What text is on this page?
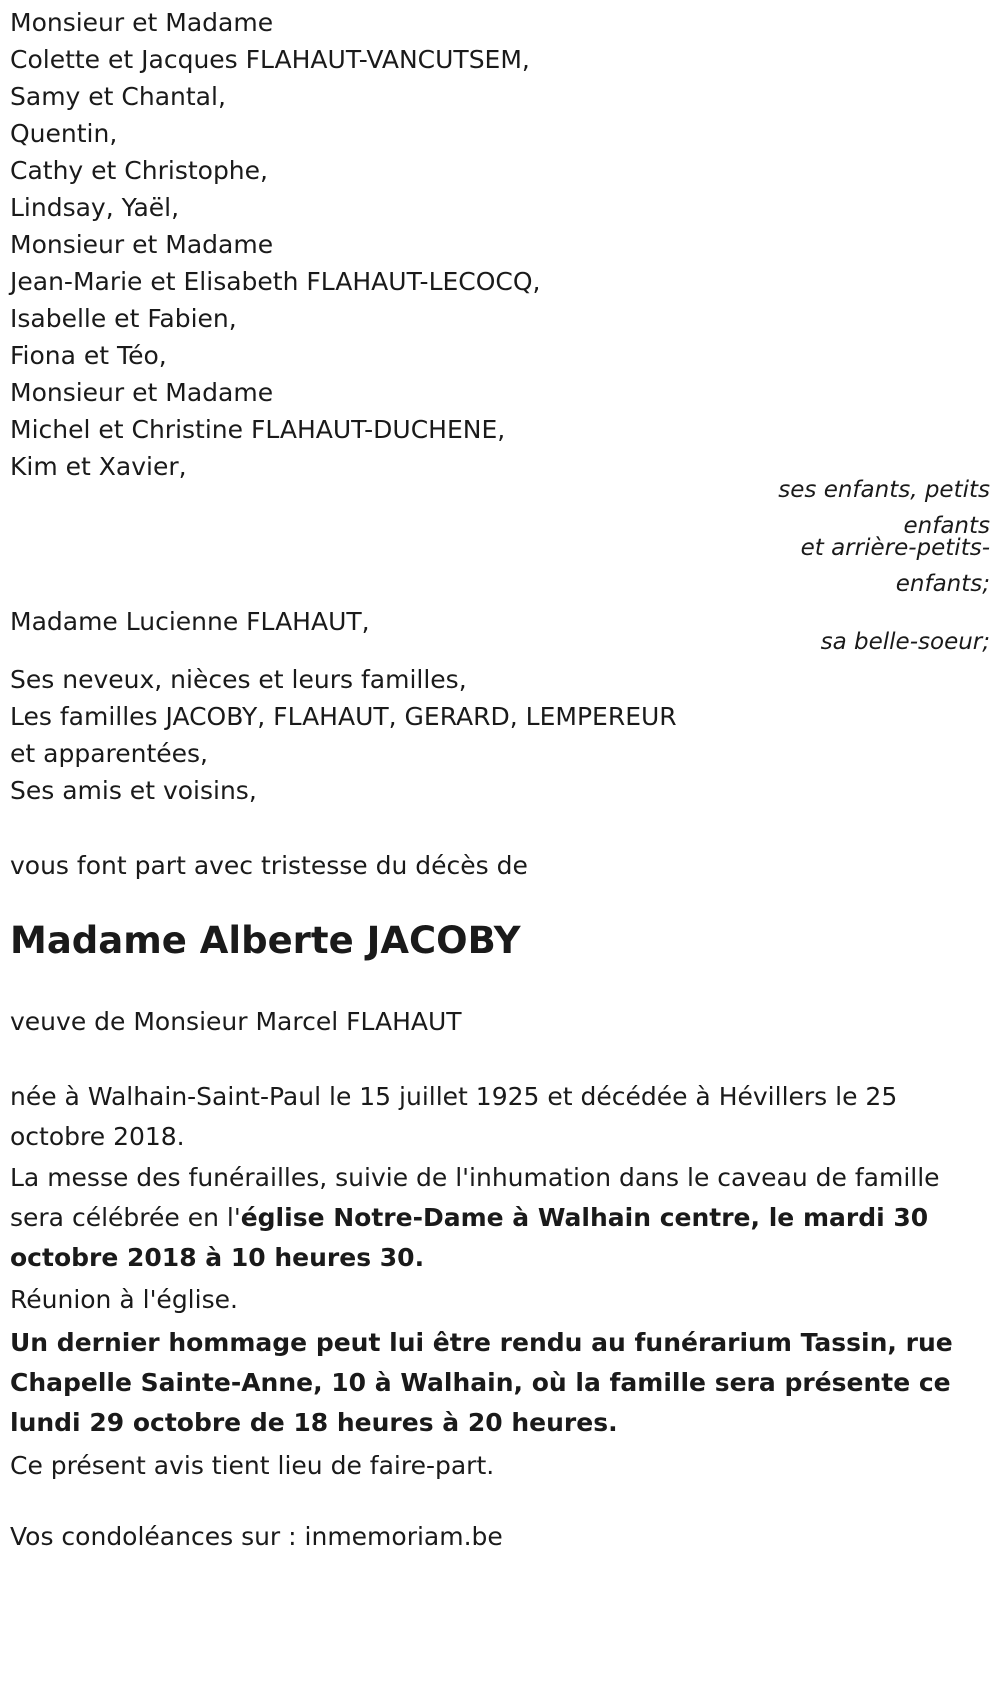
Monsieur et Madame
Colette et Jacques FLAHAUT-VANCUTSEM,
Samy et Chantal,
Quentin,
Cathy et Christophe,
Lindsay, Yaël,
Monsieur et Madame
Jean-Marie et Elisabeth FLAHAUT-LECOCQ,
Isabelle et Fabien,
Fiona et Téo,
Monsieur et Madame
Michel et Christine FLAHAUT-DUCHENE,
Kim et Xavier,
ses enfants, petits
enfants
et arrière-petits-
enfants;
Madame Lucienne FLAHAUT,
sa belle-soeur;
Ses neveux, nièces et leurs familles,
Les familles JACOBY, FLAHAUT, GERARD, LEMPEREUR
et apparentées,
Ses amis et voisins,
vous font part avec tristesse du décès de
Madame Alberte JACOBY
veuve de Monsieur Marcel FLAHAUT
née à Walhain-Saint-Paul le 15 juillet 1925 et décédée à Hévillers le 25 octobre 2018.
La messe des funérailles, suivie de l'inhumation dans le caveau de famille sera célébrée en l'église Notre-Dame à Walhain centre, le mardi 30 octobre 2018 à 10 heures 30.
Réunion à l'église.
Un dernier hommage peut lui être rendu au funérarium Tassin, rue Chapelle Sainte-Anne, 10 à Walhain, où la famille sera présente ce lundi 29 octobre de 18 heures à 20 heures.
Ce présent avis tient lieu de faire-part.
Vos condoléances sur : inmemoriam.be
